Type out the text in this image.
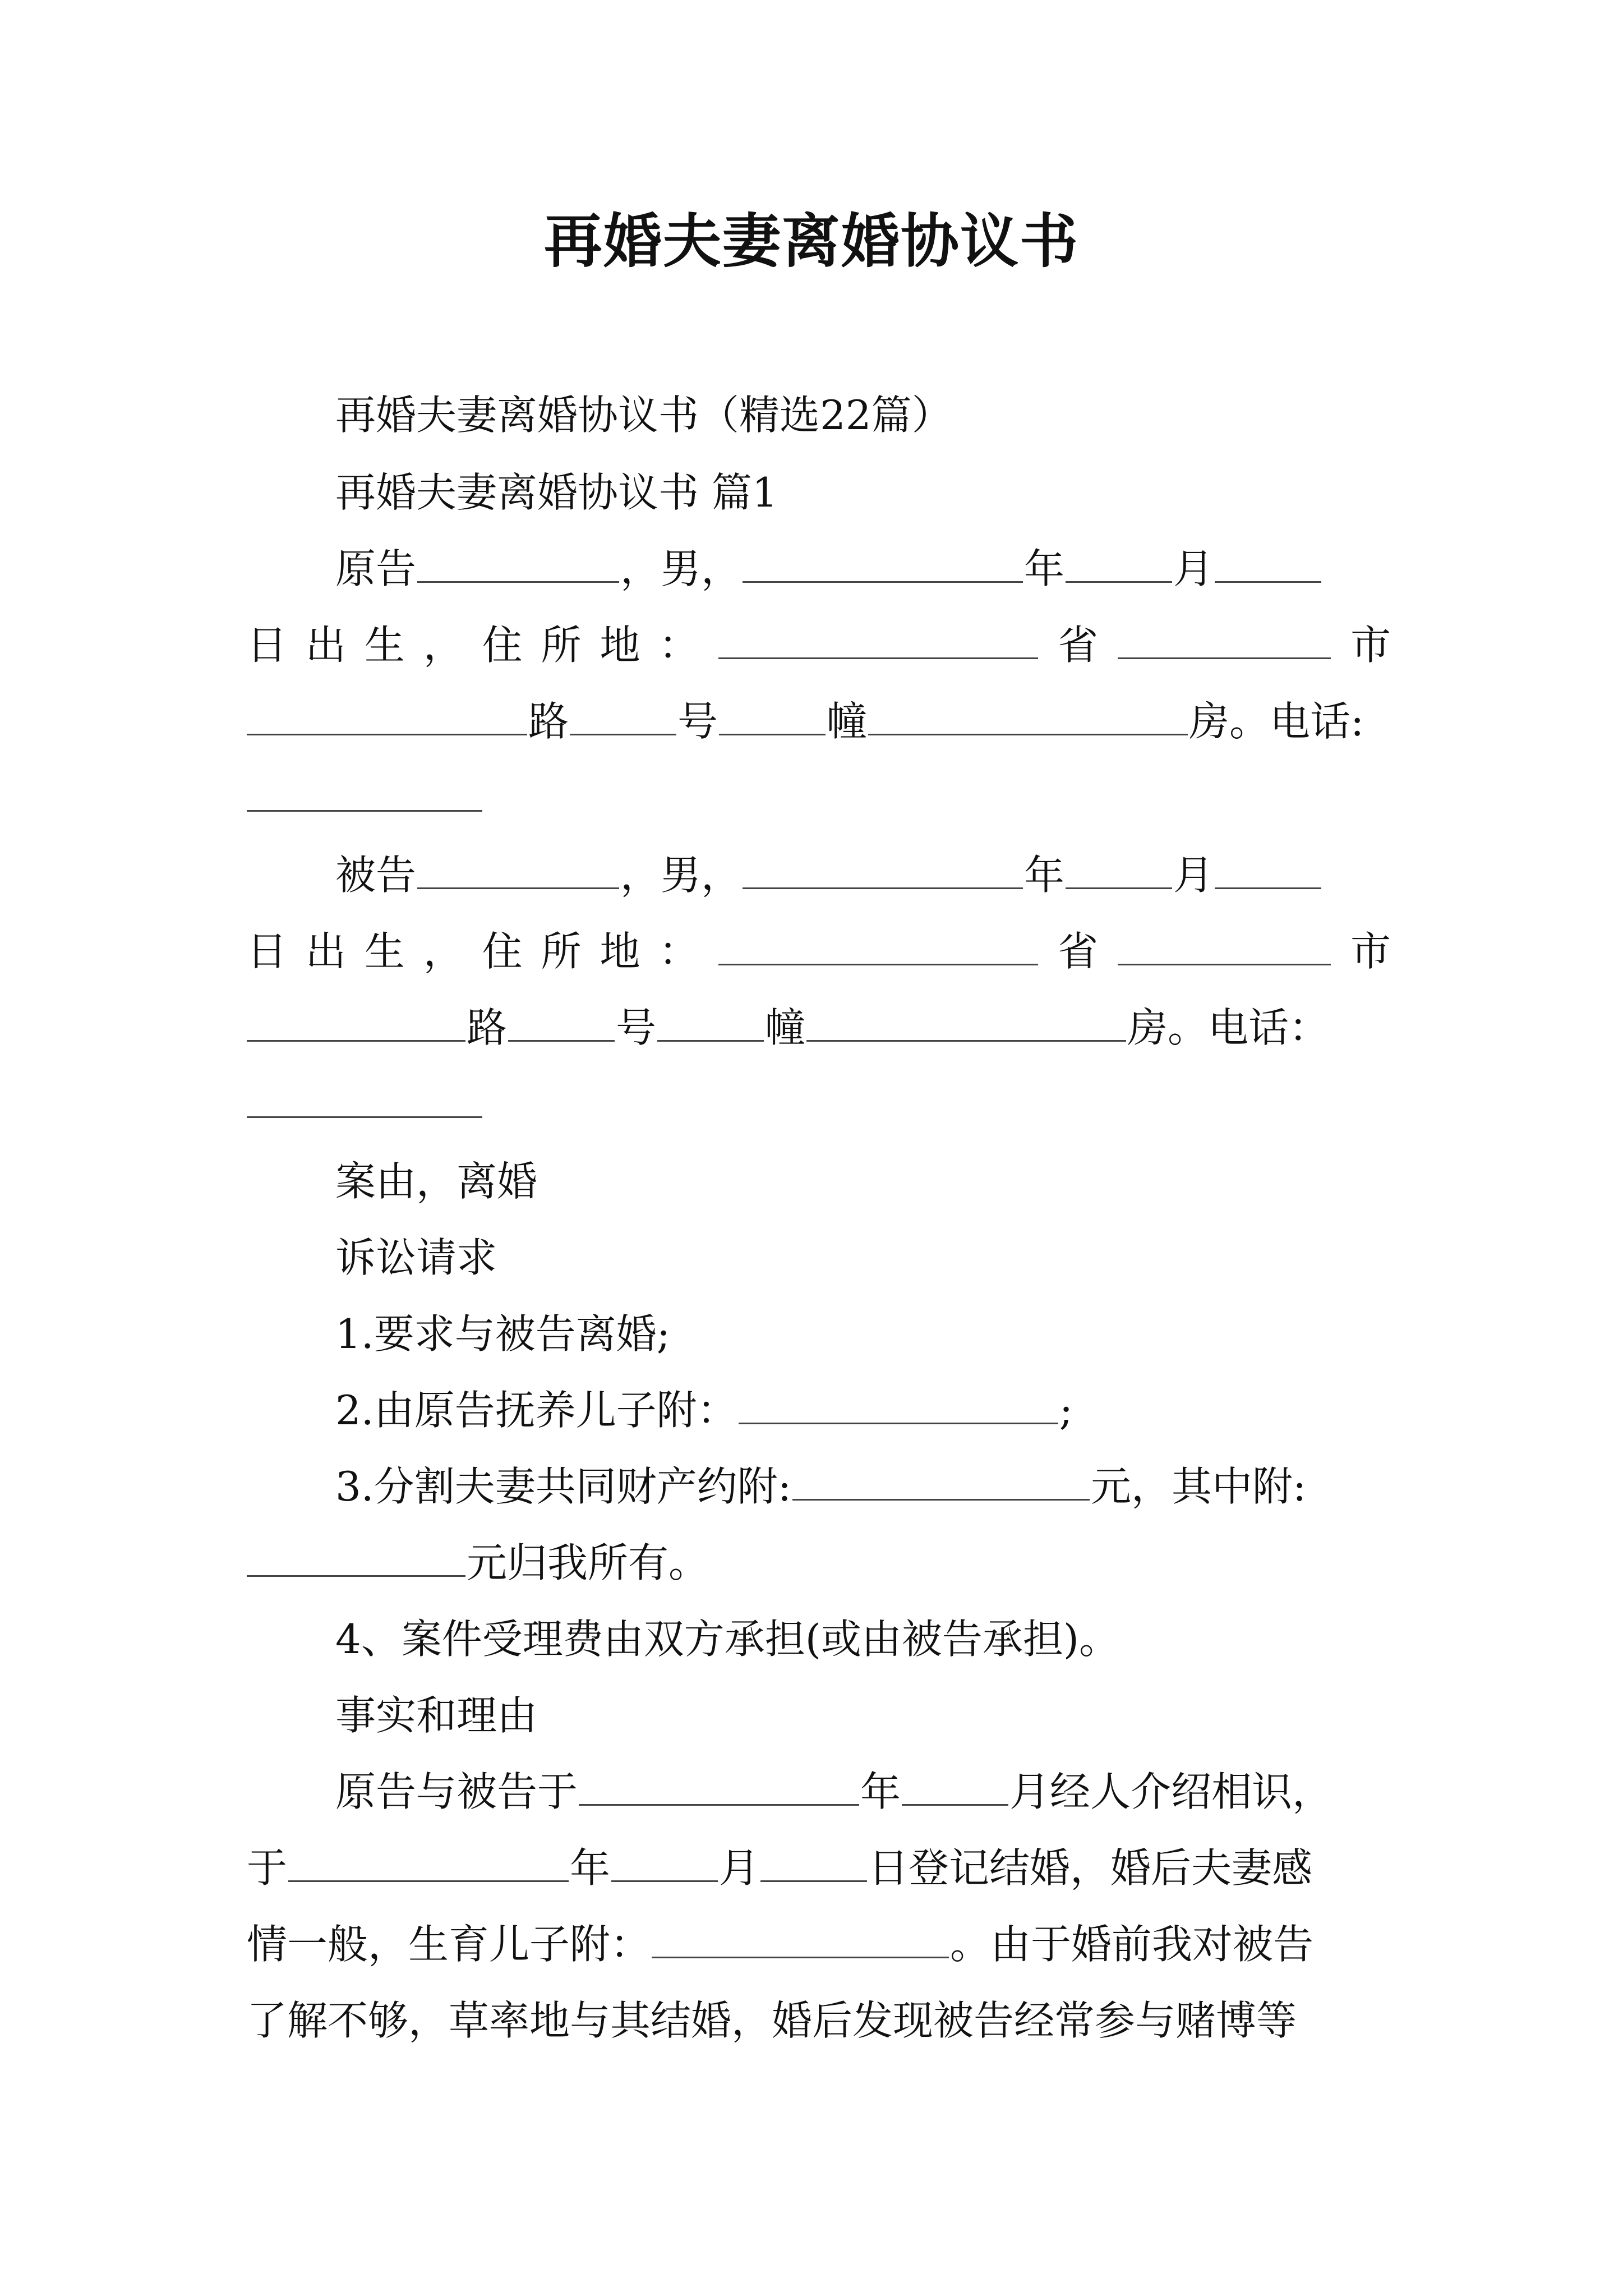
再婚夫妻离婚协议书
再婚夫妻离婚协议书（精选22篇）
再婚夫妻离婚协议书 篇1
原告	，男，	年	月
日 出 生 ， 住 所 地 ：	省	市
路	号	幢	房。电话:
被告	，男，	年	月
日 出 生 ， 住 所 地 ：	省	市
路	号	幢	房。电话：
案由，离婚
诉讼请求
1.要求与被告离婚;
2.由原告抚养儿子附：	;
3.分割夫妻共同财产约附:	元，其中附:
元归我所有。
4、案件受理费由双方承担(或由被告承担)。
事实和理由
原告与被告于	年	月经人介绍相识，
于	年	月	日登记结婚，婚后夫妻感
情一般，生育儿子附：	。由于婚前我对被告
了解不够，草率地与其结婚，婚后发现被告经常参与赌博等
